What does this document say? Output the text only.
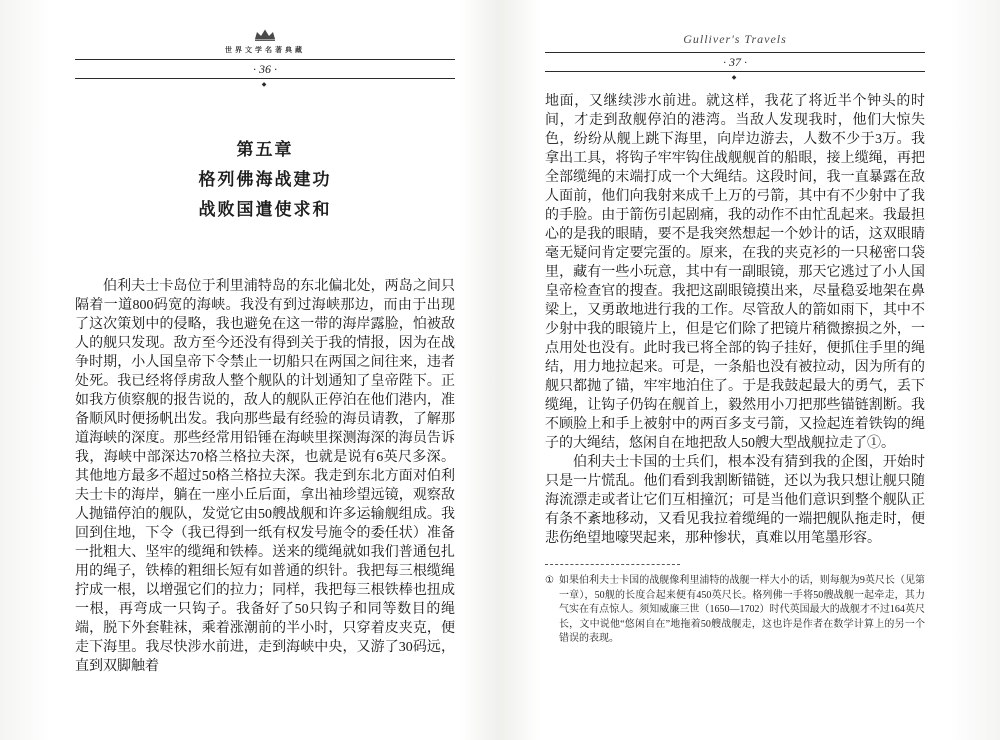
世界文学名著典藏
· 36 ·
◆
第五章
格列佛海战建功
战败国遣使求和

伯利夫士卡岛位于利里浦特岛的东北偏北处，两岛之间只隔着一道800码宽的海峡。我没有到过海峡那边，而由于出现了这次策划中的侵略，我也避免在这一带的海岸露脸，怕被敌人的舰只发现。敌方至今还没有得到关于我的情报，因为在战争时期，小人国皇帝下令禁止一切船只在两国之间往来，违者处死。我已经将俘虏敌人整个舰队的计划通知了皇帝陛下。正如我方侦察舰的报告说的，敌人的舰队正停泊在他们港内，准备顺风时便扬帆出发。我向那些最有经验的海员请教，了解那道海峡的深度。那些经常用铅锤在海峡里探测海深的海员告诉我，海峡中部深达70格兰格拉夫深，也就是说有6英尺多深。其他地方最多不超过50格兰格拉夫深。我走到东北方面对伯利夫士卡的海岸，躺在一座小丘后面，拿出袖珍望远镜，观察敌人抛锚停泊的舰队，发觉它由50艘战舰和许多运输舰组成。我回到住地，下令（我已得到一纸有权发号施令的委任状）准备一批粗大、坚牢的缆绳和铁棒。送来的缆绳就如我们普通包扎用的绳子，铁棒的粗细长短有如普通的织针。我把每三根缆绳拧成一根，以增强它们的拉力；同样，我把每三根铁棒也扭成一根，再弯成一只钩子。我备好了50只钩子和同等数目的绳端，脱下外套鞋袜，乘着涨潮前的半小时，只穿着皮夹克，便走下海里。我尽快涉水前进，走到海峡中央，又游了30码远，直到双脚触着

Gulliver's Travels
· 37 ·
◆

地面，又继续涉水前进。就这样，我花了将近半个钟头的时间，才走到敌舰停泊的港湾。当敌人发现我时，他们大惊失色，纷纷从舰上跳下海里，向岸边游去，人数不少于3万。我拿出工具，将钩子牢牢钩住战舰舰首的船眼，接上缆绳，再把全部缆绳的末端打成一个大绳结。这段时间，我一直暴露在敌人面前，他们向我射来成千上万的弓箭，其中有不少射中了我的手脸。由于箭伤引起剧痛，我的动作不由忙乱起来。我最担心的是我的眼睛，要不是我突然想起一个妙计的话，这双眼睛毫无疑问肯定要完蛋的。原来，在我的夹克衫的一只秘密口袋里，藏有一些小玩意，其中有一副眼镜，那天它逃过了小人国皇帝检查官的搜查。我把这副眼镜摸出来，尽量稳妥地架在鼻梁上，又勇敢地进行我的工作。尽管敌人的箭如雨下，其中不少射中我的眼镜片上，但是它们除了把镜片稍微擦损之外，一点用处也没有。此时我已将全部的钩子挂好，便抓住手里的绳结，用力地拉起来。可是，一条船也没有被拉动，因为所有的舰只都抛了锚，牢牢地泊住了。于是我鼓起最大的勇气，丢下缆绳，让钩子仍钩在舰首上，毅然用小刀把那些锚链割断。我不顾脸上和手上被射中的两百多支弓箭，又捡起连着铁钩的绳子的大绳结，悠闲自在地把敌人50艘大型战舰拉走了①。

伯利夫士卡国的士兵们，根本没有猜到我的企图，开始时只是一片慌乱。他们看到我割断锚链，还以为我只想让舰只随海流漂走或者让它们互相撞沉；可是当他们意识到整个舰队正有条不紊地移动，又看见我拉着缆绳的一端把舰队拖走时，便悲伤绝望地嚎哭起来，那种惨状，真难以用笔墨形容。

① 如果伯利夫士卡国的战舰像利里浦特的战舰一样大小的话，则每舰为9英尺长（见第一章），50舰的长度合起来便有450英尺长。格列佛一手将50艘战舰一起牵走，其力气实在有点惊人。须知威廉三世（1650—1702）时代英国最大的战舰才不过164英尺长，文中说他“悠闲自在”地拖着50艘战舰走，这也许是作者在数学计算上的另一个错误的表现。
